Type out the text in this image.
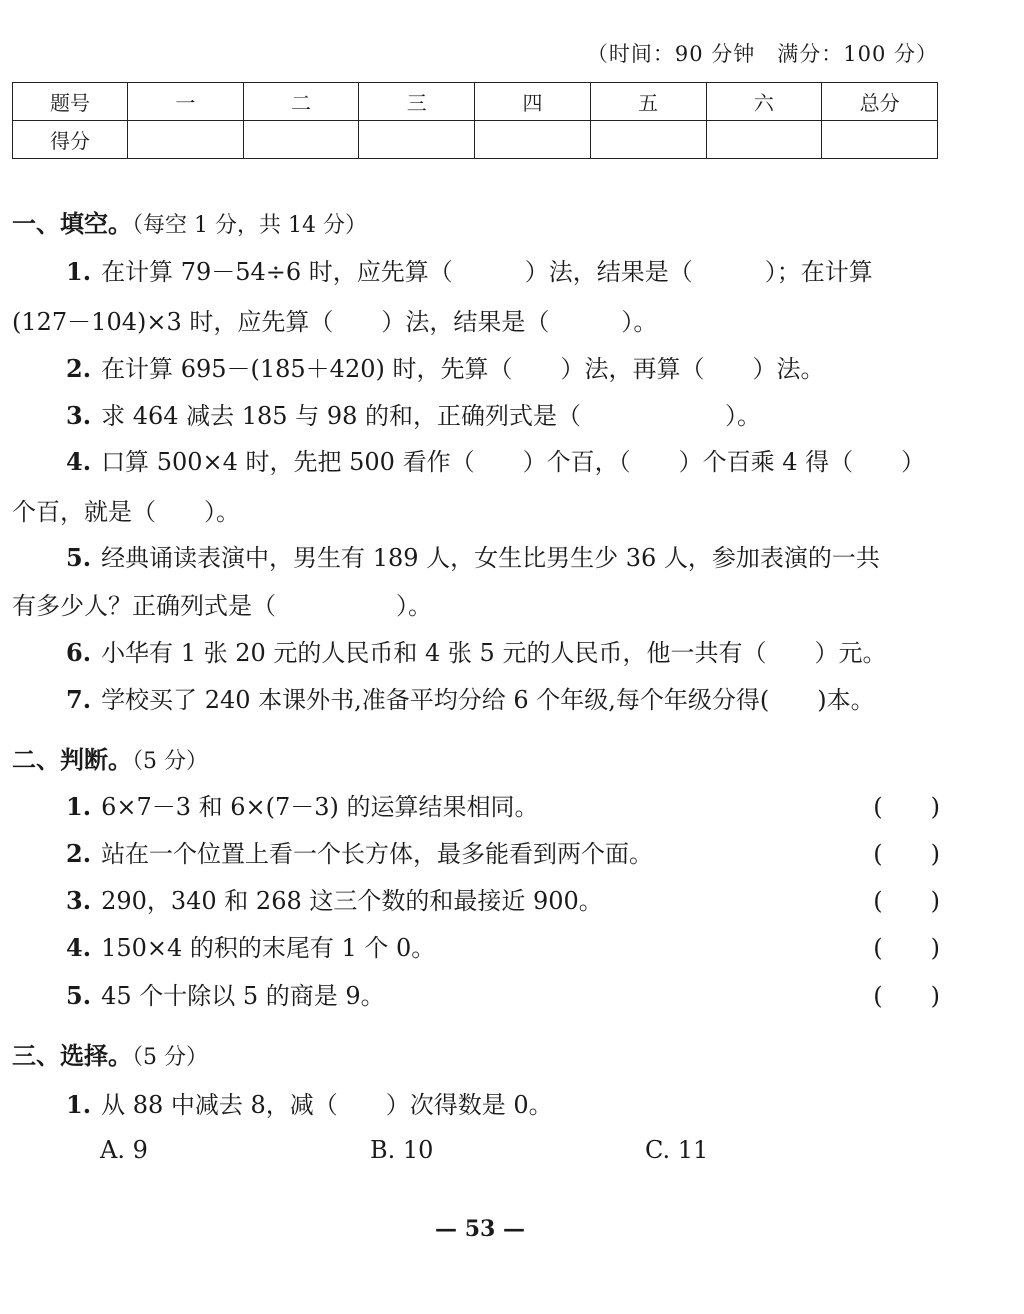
（时间：90 分钟　满分：100 分）
题号	一	二	三	四	五	六	总分
得分							
一、填空。（每空 1 分，共 14 分）
1. 在计算 79－54÷6 时，应先算（　　　）法，结果是（　　　）；在计算
(127－104)×3 时，应先算（　　）法，结果是（　　　）。
2. 在计算 695－(185＋420) 时，先算（　　）法，再算（　　）法。
3. 求 464 减去 185 与 98 的和，正确列式是（　　　　　　）。
4. 口算 500×4 时，先把 500 看作（　　）个百，（　　）个百乘 4 得（　　）
个百，就是（　　）。
5. 经典诵读表演中，男生有 189 人，女生比男生少 36 人，参加表演的一共
有多少人？正确列式是（　　　　　）。
6. 小华有 1 张 20 元的人民币和 4 张 5 元的人民币，他一共有（　　）元。
7. 学校买了 240 本课外书,准备平均分给 6 个年级,每个年级分得(　　)本。
二、判断。（5 分）
1. 6×7－3 和 6×(7－3) 的运算结果相同。	(　　)
2. 站在一个位置上看一个长方体，最多能看到两个面。	(　　)
3. 290，340 和 268 这三个数的和最接近 900。	(　　)
4. 150×4 的积的末尾有 1 个 0。	(　　)
5. 45 个十除以 5 的商是 9。	(　　)
三、选择。（5 分）
1. 从 88 中减去 8，减（　　）次得数是 0。
A. 9	B. 10	C. 11
— 53 —
